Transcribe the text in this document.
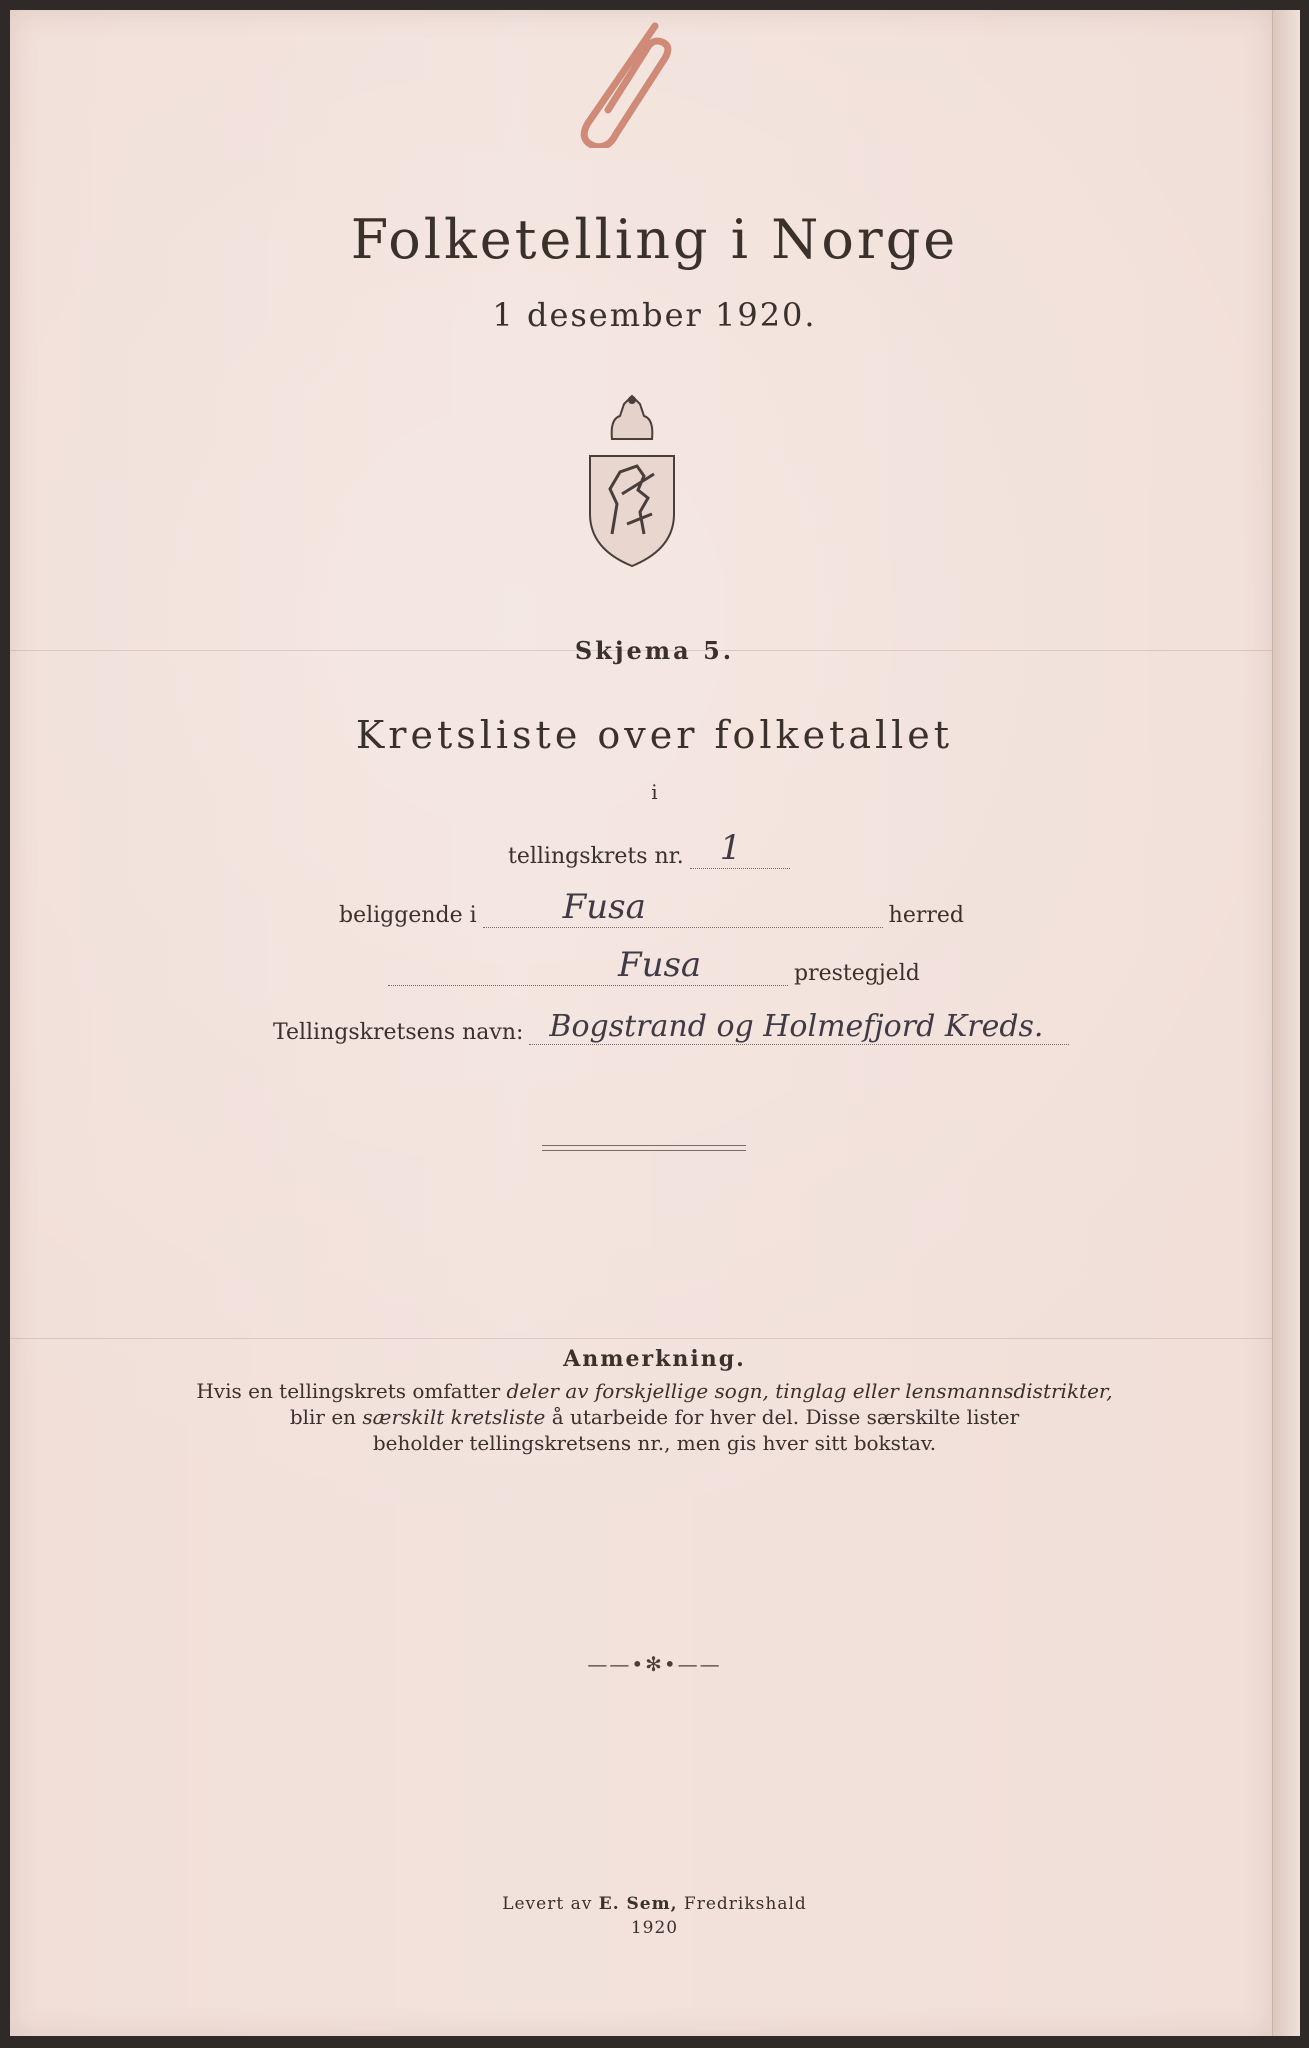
Folketelling i Norge
1 desember 1920.
Skjema 5.
Kretsliste over folketallet
i
tellingskrets nr. 1
beliggende i	Fusa	herred
Fusa	prestegjeld
Tellingskretsens navn: Bogstrand og Holmefjord Kreds.
Anmerkning.
Hvis en tellingskrets omfatter deler av forskjellige sogn, tinglag eller lensmannsdistrikter,
blir en særskilt kretsliste å utarbeide for hver del. Disse særskilte lister
beholder tellingskretsens nr., men gis hver sitt bokstav.
——•✻•——
Levert av E. Sem, Fredrikshald
1920
